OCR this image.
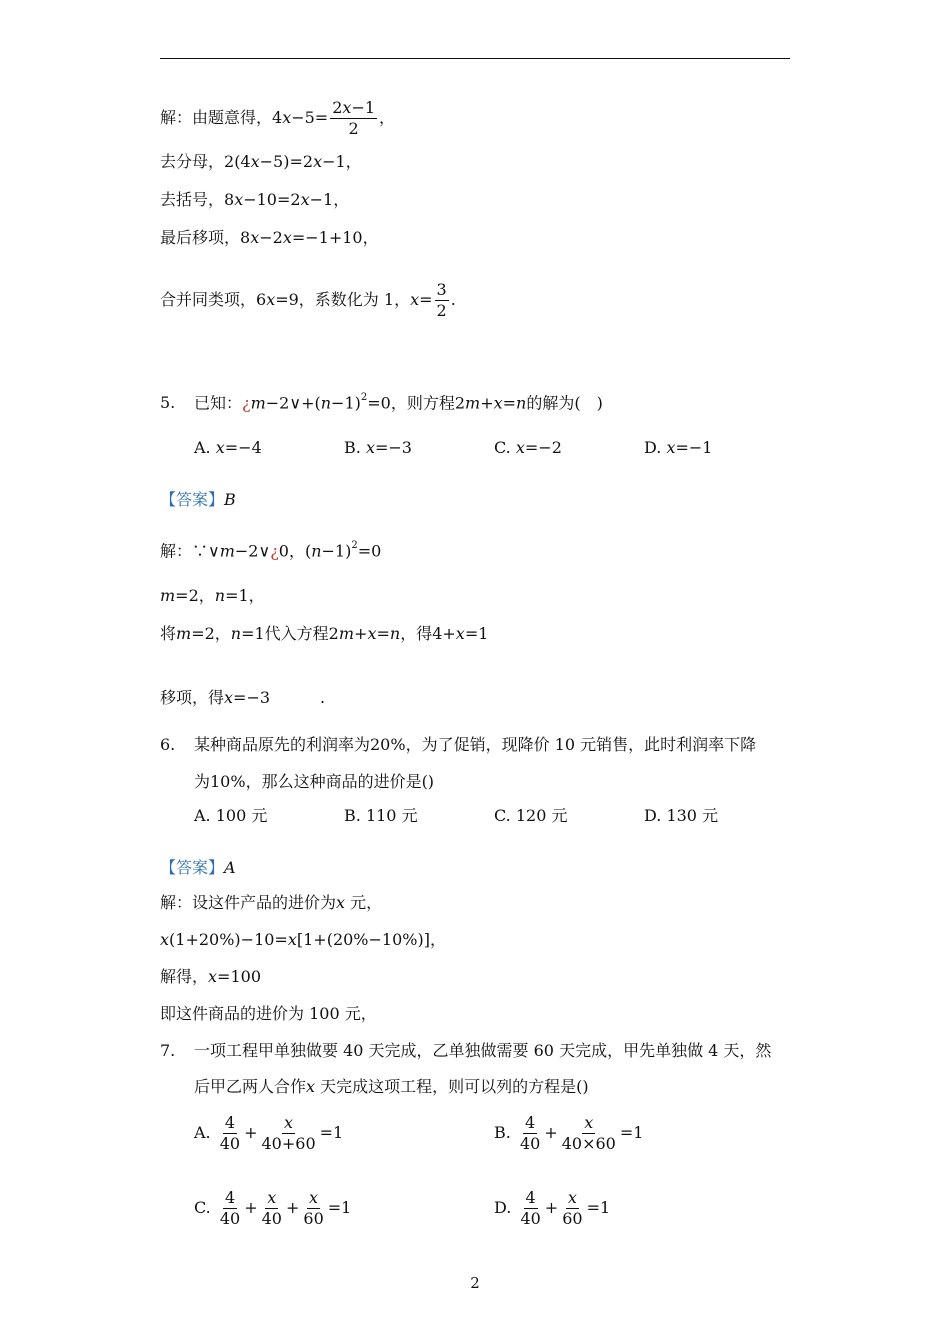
解：由题意得，$4x-5= \frac{2x-1}{2}$ ，
去分母，2(4x−5)=2x−1，
去括号，8x−10=2x−1，
最后移项，8x−2x=−1+10，
合并同类项，6x=9，系数化为 1，$x= \frac{3}{2}$ .
5. 已知：¿$m-2\vee+(n-1)^2=0$，则方程2m+x=n的解为(　)
A. x=−4	B. x=−3	C. x=−2	D. x=−1
【答案】B
解：∵∨m−2∨¿0，$(n-1)^2=0$
m=2，n=1，
将m=2，n=1代入方程2m+x=n，得4+x=1
移项，得x=−3	.
6. 某种商品原先的利润率为20%，为了促销，现降价 10 元销售，此时利润率下降
为10%，那么这种商品的进价是()
A. 100 元	B. 110 元	C. 120 元	D. 130 元
【答案】A
解：设这件产品的进价为x 元，
x(1+20%)−10=x[1+(20%−10%)]，
解得，x=100
即这件商品的进价为 100 元，
7. 一项工程甲单独做要 40 天完成，乙单独做需要 60 天完成，甲先单独做 4 天，然
后甲乙两人合作x 天完成这项工程，则可以列的方程是()
A. $\frac{4}{40} + \frac{x}{40+60} =1$	B. $\frac{4}{40} + \frac{x}{40\times 60} =1$
C. $\frac{4}{40} + \frac{x}{40} + \frac{x}{60} =1$	D. $\frac{4}{40} + \frac{x}{60} =1$
2
